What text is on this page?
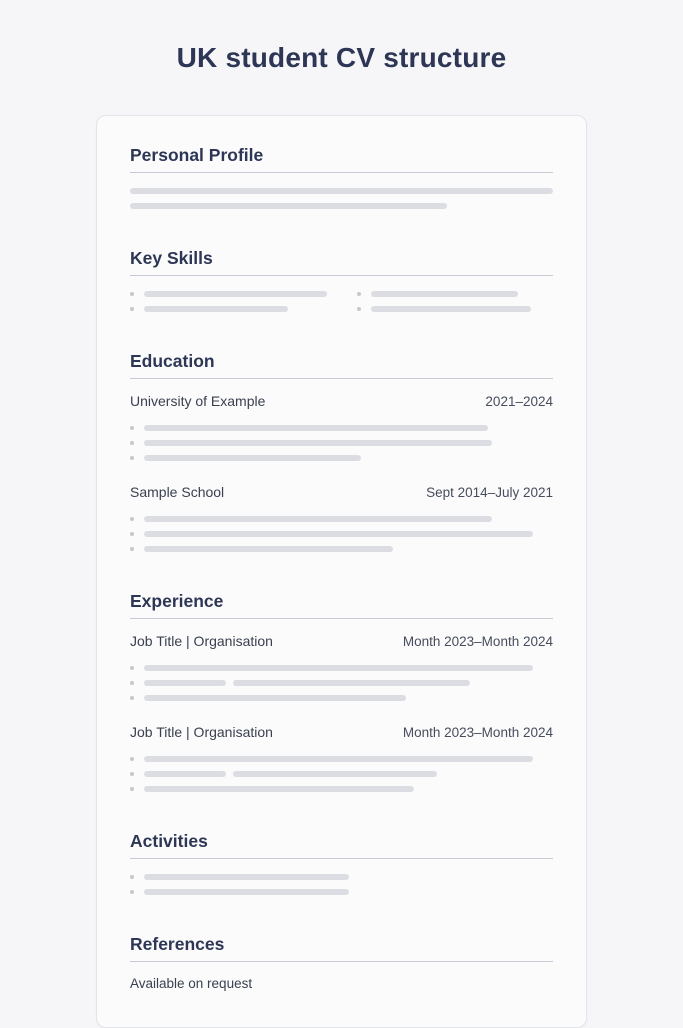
UK student CV structure
Personal Profile
Key Skills
Education
University of Example	2021–2024
Sample School	Sept 2014–July 2021
Experience
Job Title | Organisation	Month 2023–Month 2024
Job Title | Organisation	Month 2023–Month 2024
Activities
References
Available on request
